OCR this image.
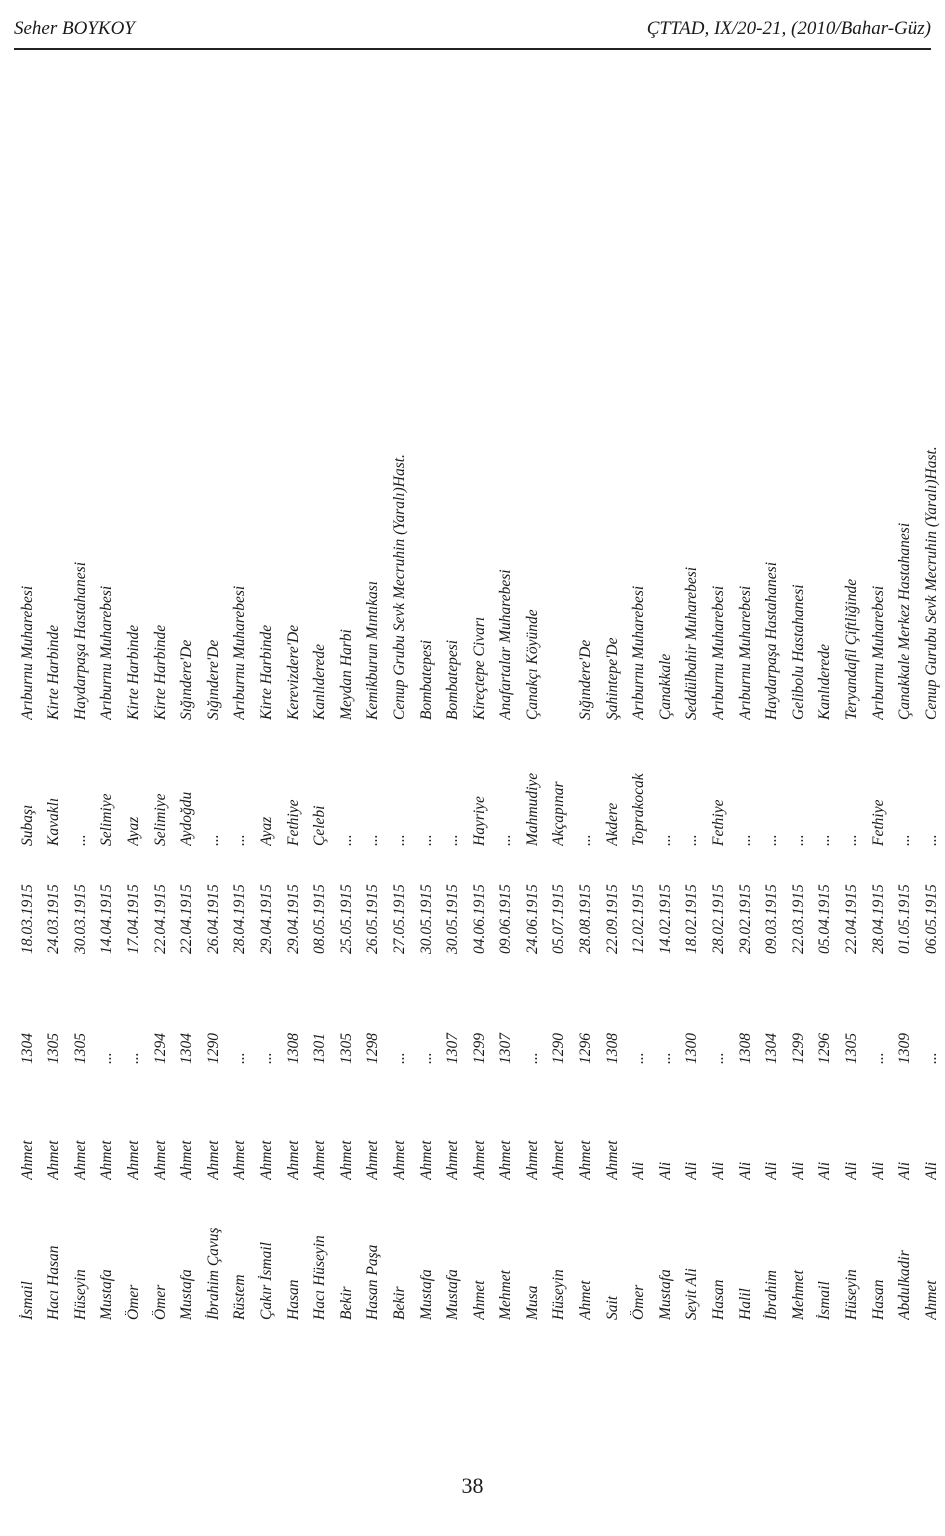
Seher BOYKOY	ÇTTAD, IX/20-21, (2010/Bahar-Güz)
İsmail
Ahmet
1304
18.03.1915
Subaşı
Arıburnu Muharebesi
Hacı Hasan
Ahmet
1305
24.03.1915
Kavaklı
Kirte Harbinde
Hüseyin
Ahmet
1305
30.03.1915
...
Haydarpaşa Hastahanesi
Mustafa
Ahmet
...
14.04.1915
Selimiye
Arıburnu Muharebesi
Ömer
Ahmet
...
17.04.1915
Ayaz
Kirte Harbinde
Ömer
Ahmet
1294
22.04.1915
Selimiye
Kirte Harbinde
Mustafa
Ahmet
1304
22.04.1915
Aydoğdu
Sığındere'De
İbrahim Çavuş
Ahmet
1290
26.04.1915
...
Sığındere'De
Rüstem
Ahmet
...
28.04.1915
...
Arıburnu Muharebesi
Çakır İsmail
Ahmet
...
29.04.1915
Ayaz
Kirte Harbinde
Hasan
Ahmet
1308
29.04.1915
Fethiye
Kerevizdere'De
Hacı Hüseyin
Ahmet
1301
08.05.1915
Çelebi
Kanlıderede
Bekir
Ahmet
1305
25.05.1915
...
Meydan Harbi
Hasan Paşa
Ahmet
1298
26.05.1915
...
Kemikburun Mıntıkası
Bekir
Ahmet
...
27.05.1915
...
Cenup Grubu Sevk Mecruhin (Yaralı)Hast.
Mustafa
Ahmet
...
30.05.1915
...
Bombatepesi
Mustafa
Ahmet
1307
30.05.1915
...
Bombatepesi
Ahmet
Ahmet
1299
04.06.1915
Hayriye
Kireçtepe Civarı
Mehmet
Ahmet
1307
09.06.1915
...
Anafartalar Muharebesi
Musa
Ahmet
...
24.06.1915
Mahmudiye
Çanakçı Köyünde
Hüseyin
Ahmet
1290
05.07.1915
Akçapınar
Ahmet
Ahmet
1296
28.08.1915
...
Sığındere'De
Sait
Ahmet
1308
22.09.1915
Akdere
Şahintepe'De
Ömer
Ali
...
12.02.1915
Toprakocak
Arıburnu Muharebesi
Mustafa
Ali
...
14.02.1915
...
Çanakkale
Seyit Ali
Ali
1300
18.02.1915
...
Seddülbahir Muharebesi
Hasan
Ali
...
28.02.1915
Fethiye
Arıburnu Muharebesi
Halil
Ali
1308
29.02.1915
...
Arıburnu Muharebesi
İbrahim
Ali
1304
09.03.1915
...
Haydarpaşa Hastahanesi
Mehmet
Ali
1299
22.03.1915
...
Gelibolu Hastahanesi
İsmail
Ali
1296
05.04.1915
...
Kanlıderede
Hüseyin
Ali
1305
22.04.1915
...
Teryandafil Çiftliğinde
Hasan
Ali
...
28.04.1915
Fethiye
Arıburnu Muharebesi
Abdulkadir
Ali
1309
01.05.1915
...
Çanakkale Merkez Hastahanesi
Ahmet
Ali
...
06.05.1915
...
Cenup Gurubu Sevk Mecruhin (Yaralı)Hast.
38
